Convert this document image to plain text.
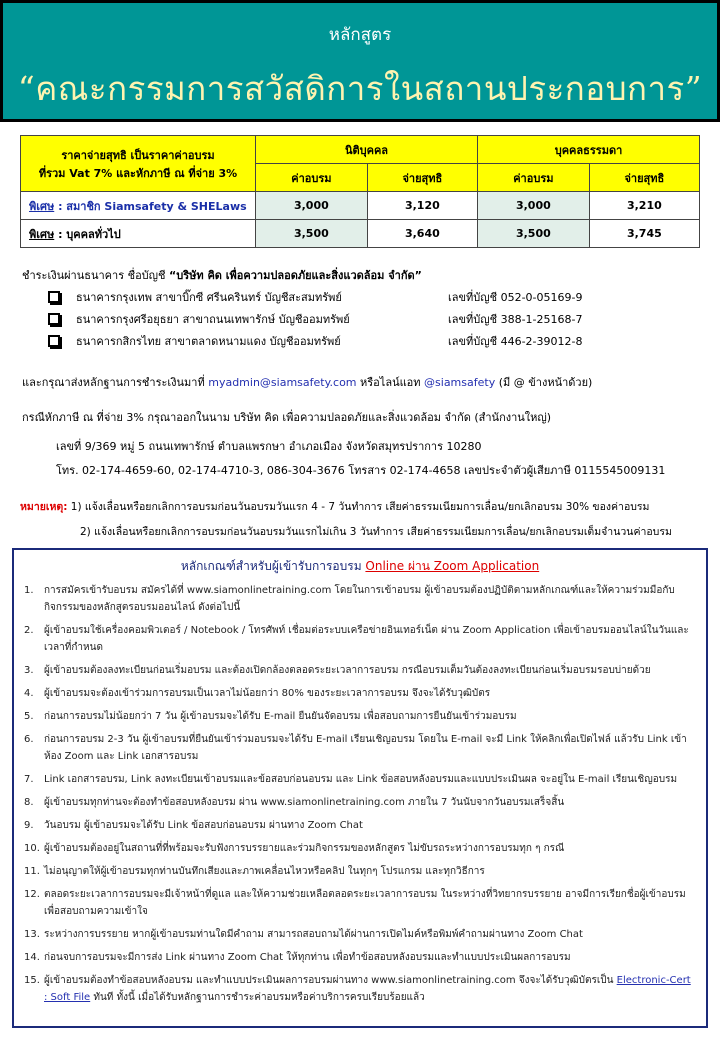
หลักสูตร
“คณะกรรมการสวัสดิการในสถานประกอบการ”
ราคาจ่ายสุทธิ เป็นราคาค่าอบรม
ที่รวม Vat 7% และหักภาษี ณ ที่จ่าย 3%	นิติบุคคล		บุคคลธรรมดา	
	ค่าอบรม	จ่ายสุทธิ	ค่าอบรม	จ่ายสุทธิ
พิเศษ : สมาชิก Siamsafety & SHELaws	3,000	3,120	3,000	3,210
พิเศษ : บุคคลทั่วไป	3,500	3,640	3,500	3,745
ชำระเงินผ่านธนาคาร ชื่อบัญชี “บริษัท คิด เพื่อความปลอดภัยและสิ่งแวดล้อม จำกัด”
ธนาคารกรุงเทพ สาขาบิ๊กซี ศรีนครินทร์ บัญชีสะสมทรัพย์	เลขที่บัญชี 052-0-05169-9
ธนาคารกรุงศรีอยุธยา สาขาถนนเทพารักษ์ บัญชีออมทรัพย์	เลขที่บัญชี 388-1-25168-7
ธนาคารกสิกรไทย สาขาตลาดหนามแดง บัญชีออมทรัพย์	เลขที่บัญชี 446-2-39012-8
และกรุณาส่งหลักฐานการชำระเงินมาที่ myadmin@siamsafety.com หรือไลน์แอท @siamsafety (มี @ ข้างหน้าด้วย)
กรณีหักภาษี ณ ที่จ่าย 3% กรุณาออกในนาม บริษัท คิด เพื่อความปลอดภัยและสิ่งแวดล้อม จำกัด (สำนักงานใหญ่)
เลขที่ 9/369 หมู่ 5 ถนนเทพารักษ์ ตำบลแพรกษา อำเภอเมือง จังหวัดสมุทรปราการ 10280
โทร. 02-174-4659-60, 02-174-4710-3, 086-304-3676 โทรสาร 02-174-4658 เลขประจำตัวผู้เสียภาษี 0115545009131
หมายเหตุ: 1) แจ้งเลื่อนหรือยกเลิกการอบรมก่อนวันอบรมวันแรก 4 - 7 วันทำการ เสียค่าธรรมเนียมการเลื่อน/ยกเลิกอบรม 30% ของค่าอบรม
2) แจ้งเลื่อนหรือยกเลิกการอบรมก่อนวันอบรมวันแรกไม่เกิน 3 วันทำการ เสียค่าธรรมเนียมการเลื่อน/ยกเลิกอบรมเต็มจำนวนค่าอบรม
หลักเกณฑ์สำหรับผู้เข้ารับการอบรม Online ผ่าน Zoom Application
1.	การสมัครเข้ารับอบรม สมัครได้ที่ www.siamonlinetraining.com โดยในการเข้าอบรม ผู้เข้าอบรมต้องปฏิบัติตามหลักเกณฑ์และให้ความร่วมมือกับกิจกรรมของหลักสูตรอบรมออนไลน์ ดังต่อไปนี้
2.	ผู้เข้าอบรมใช้เครื่องคอมพิวเตอร์ / Notebook / โทรศัพท์ เชื่อมต่อระบบเครือข่ายอินเทอร์เน็ต ผ่าน Zoom Application เพื่อเข้าอบรมออนไลน์ในวันและเวลาที่กำหนด
3.	ผู้เข้าอบรมต้องลงทะเบียนก่อนเริ่มอบรม และต้องเปิดกล้องตลอดระยะเวลาการอบรม กรณีอบรมเต็มวันต้องลงทะเบียนก่อนเริ่มอบรมรอบบ่ายด้วย
4.	ผู้เข้าอบรมจะต้องเข้าร่วมการอบรมเป็นเวลาไม่น้อยกว่า 80% ของระยะเวลาการอบรม จึงจะได้รับวุฒิบัตร
5.	ก่อนการอบรมไม่น้อยกว่า 7 วัน ผู้เข้าอบรมจะได้รับ E-mail ยืนยันจัดอบรม เพื่อสอบถามการยืนยันเข้าร่วมอบรม
6.	ก่อนการอบรม 2-3 วัน ผู้เข้าอบรมที่ยืนยันเข้าร่วมอบรมจะได้รับ E-mail เรียนเชิญอบรม โดยใน E-mail จะมี Link ให้คลิกเพื่อเปิดไฟล์ แล้วรับ Link เข้าห้อง Zoom และ Link เอกสารอบรม
7.	Link เอกสารอบรม, Link ลงทะเบียนเข้าอบรมและข้อสอบก่อนอบรม และ Link ข้อสอบหลังอบรมและแบบประเมินผล จะอยู่ใน E-mail เรียนเชิญอบรม
8.	ผู้เข้าอบรมทุกท่านจะต้องทำข้อสอบหลังอบรม ผ่าน www.siamonlinetraining.com ภายใน 7 วันนับจากวันอบรมเสร็จสิ้น
9.	วันอบรม ผู้เข้าอบรมจะได้รับ Link ข้อสอบก่อนอบรม ผ่านทาง Zoom Chat
10. ผู้เข้าอบรมต้องอยู่ในสถานที่ที่พร้อมจะรับฟังการบรรยายและร่วมกิจกรรมของหลักสูตร ไม่ขับรถระหว่างการอบรมทุก ๆ กรณี
11. ไม่อนุญาตให้ผู้เข้าอบรมทุกท่านบันทึกเสียงและภาพเคลื่อนไหวหรือคลิป ในทุกๆ โปรแกรม และทุกวิธีการ
12. ตลอดระยะเวลาการอบรมจะมีเจ้าหน้าที่ดูแล และให้ความช่วยเหลือตลอดระยะเวลาการอบรม ในระหว่างที่วิทยากรบรรยาย อาจมีการเรียกชื่อผู้เข้าอบรมเพื่อสอบถามความเข้าใจ
13. ระหว่างการบรรยาย หากผู้เข้าอบรมท่านใดมีคำถาม สามารถสอบถามได้ผ่านการเปิดไมค์หรือพิมพ์คำถามผ่านทาง Zoom Chat
14. ก่อนจบการอบรมจะมีการส่ง Link ผ่านทาง Zoom Chat ให้ทุกท่าน เพื่อทำข้อสอบหลังอบรมและทำแบบประเมินผลการอบรม
15. ผู้เข้าอบรมต้องทำข้อสอบหลังอบรม และทำแบบประเมินผลการอบรมผ่านทาง www.siamonlinetraining.com จึงจะได้รับวุฒิบัตรเป็น Electronic-Cert : Soft File ทันที ทั้งนี้ เมื่อได้รับหลักฐานการชำระค่าอบรมหรือค่าบริการครบเรียบร้อยแล้ว
